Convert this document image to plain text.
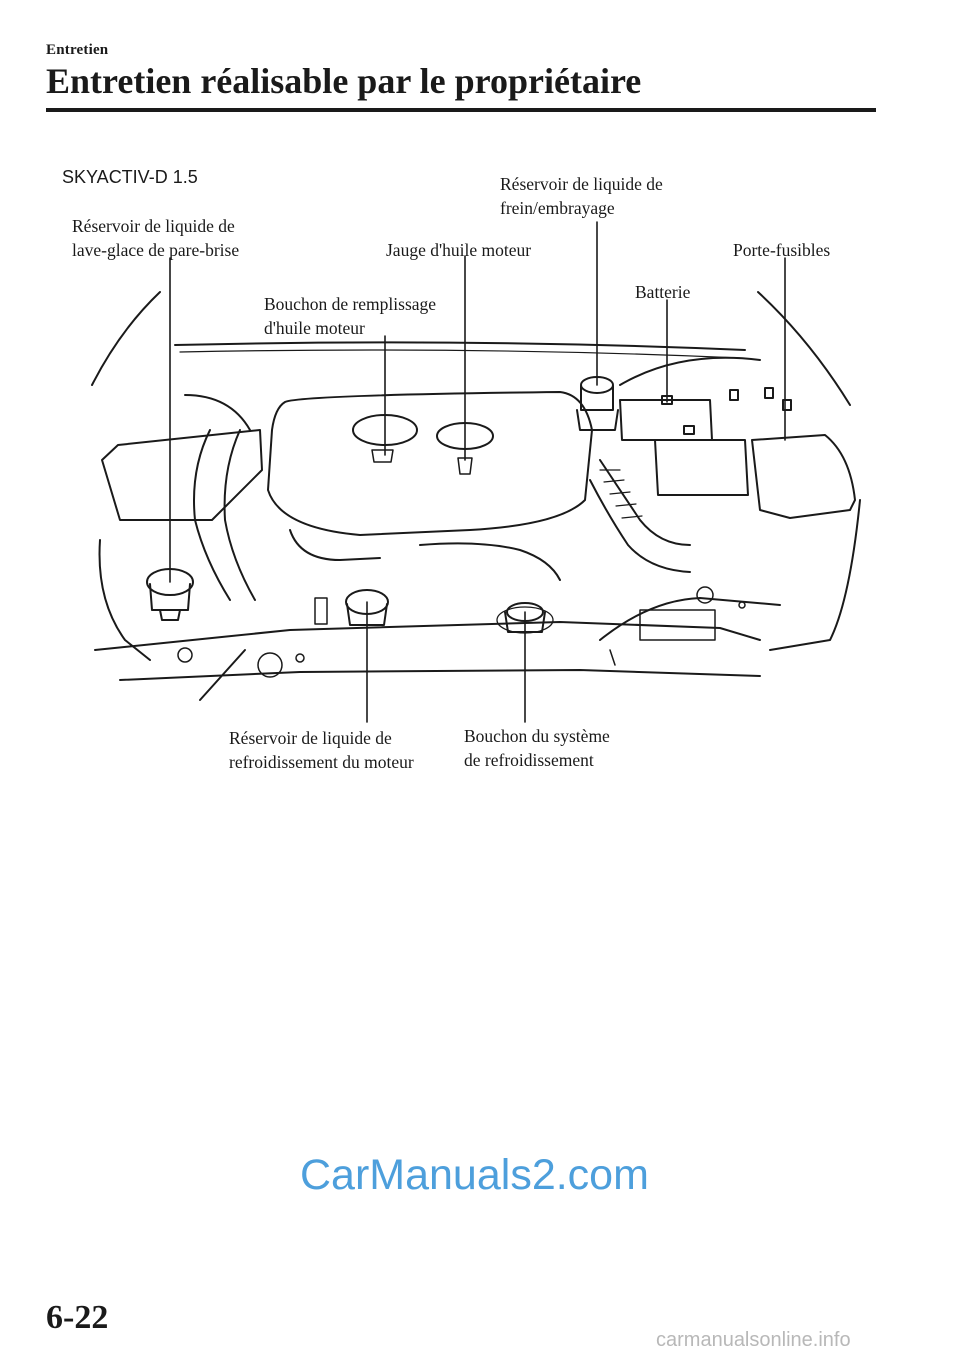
Entretien
Entretien réalisable par le propriétaire
SKYACTIV-D 1.5
Réservoir de liquide de
lave-glace de pare-brise
Réservoir de liquide de
frein/embrayage
Jauge d'huile moteur	Porte-fusibles
Batterie
Bouchon de remplissage
d'huile moteur
Réservoir de liquide de
refroidissement du moteur
Bouchon du système
de refroidissement
CarManuals2.com
6-22
carmanualsonline.info
